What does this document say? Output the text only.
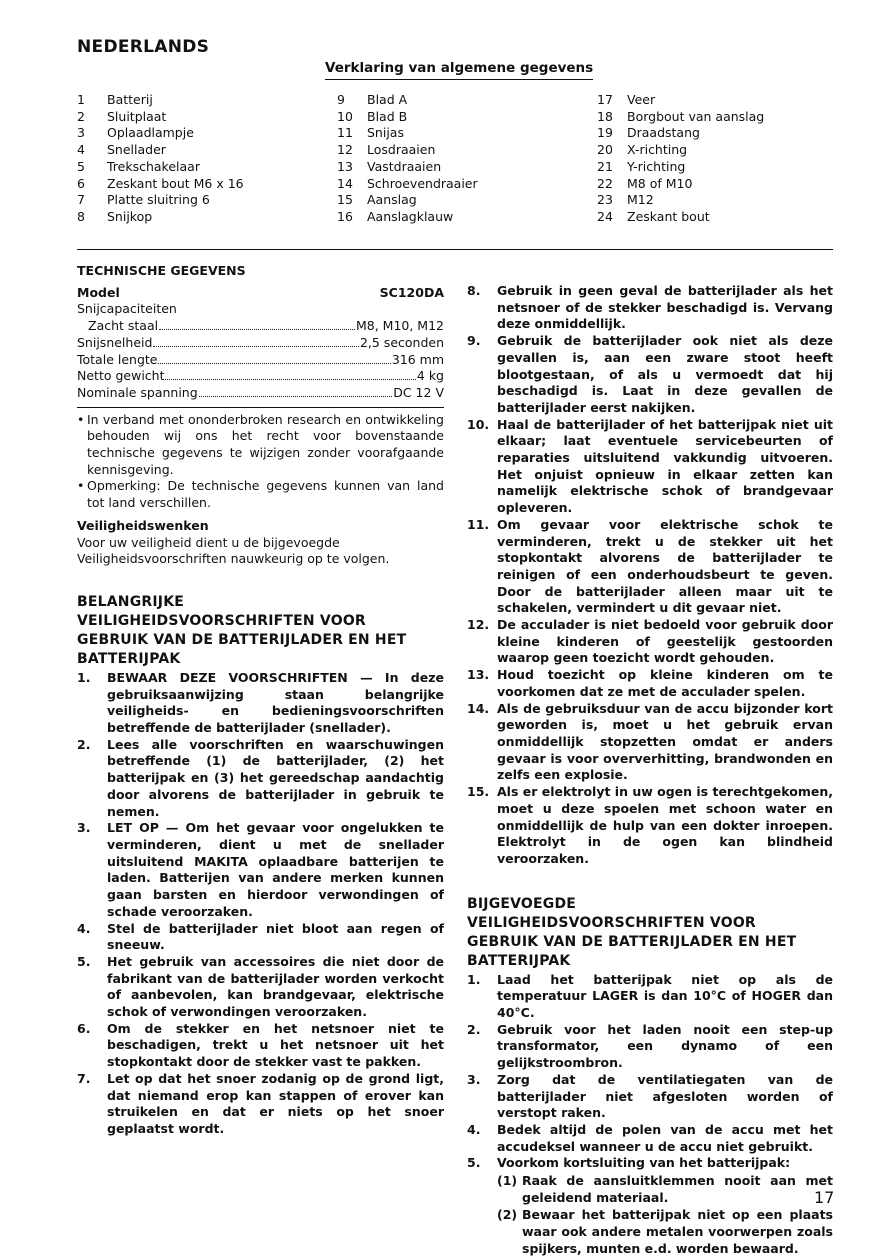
NEDERLANDS
Verklaring van algemene gegevens
1	Batterij
2	Sluitplaat
3	Oplaadlampje
4	Snellader
5	Trekschakelaar
6	Zeskant bout M6 x 16
7	Platte sluitring 6
8	Snijkop
9	Blad A
10	Blad B
11	Snijas
12	Losdraaien
13	Vastdraaien
14	Schroevendraaier
15	Aanslag
16	Aanslagklauw
17	Veer
18	Borgbout van aanslag
19	Draadstang
20	X-richting
21	Y-richting
22	M8 of M10
23	M12
24	Zeskant bout
TECHNISCHE GEGEVENS
Model	SC120DA
Snijcapaciteiten
Zacht staal	M8, M10, M12
Snijsnelheid	2,5 seconden
Totale lengte	316 mm
Netto gewicht	4 kg
Nominale spanning	DC 12 V
• In verband met ononderbroken research en ontwikkeling behouden wij ons het recht voor bovenstaande technische gegevens te wijzigen zonder voorafgaande kennisgeving.
• Opmerking: De technische gegevens kunnen van land tot land verschillen.
Veiligheidswenken
Voor uw veiligheid dient u de bijgevoegde Veiligheidsvoorschriften nauwkeurig op te volgen.
BELANGRIJKE
VEILIGHEIDSVOORSCHRIFTEN VOOR
GEBRUIK VAN DE BATTERIJLADER EN HET
BATTERIJPAK
1.	BEWAAR DEZE VOORSCHRIFTEN — In deze gebruiksaanwijzing staan belangrijke veiligheids- en bedieningsvoorschriften betreffende de batterijlader (snellader).
2.	Lees alle voorschriften en waarschuwingen betreffende (1) de batterijlader, (2) het batterijpak en (3) het gereedschap aandachtig door alvorens de batterijlader in gebruik te nemen.
3.	LET OP — Om het gevaar voor ongelukken te verminderen, dient u met de snellader uitsluitend MAKITA oplaadbare batterijen te laden. Batterijen van andere merken kunnen gaan barsten en hierdoor verwondingen of schade veroorzaken.
4.	Stel de batterijlader niet bloot aan regen of sneeuw.
5.	Het gebruik van accessoires die niet door de fabrikant van de batterijlader worden verkocht of aanbevolen, kan brandgevaar, elektrische schok of verwondingen veroorzaken.
6.	Om de stekker en het netsnoer niet te beschadigen, trekt u het netsnoer uit het stopkontakt door de stekker vast te pakken.
7.	Let op dat het snoer zodanig op de grond ligt, dat niemand erop kan stappen of erover kan struikelen en dat er niets op het snoer geplaatst wordt.
8.	Gebruik in geen geval de batterijlader als het netsnoer of de stekker beschadigd is. Vervang deze onmiddellijk.
9.	Gebruik de batterijlader ook niet als deze gevallen is, aan een zware stoot heeft blootgestaan, of als u vermoedt dat hij beschadigd is. Laat in deze gevallen de batterijlader eerst nakijken.
10. Haal de batterijlader of het batterijpak niet uit elkaar; laat eventuele servicebeurten of reparaties uitsluitend vakkundig uitvoeren. Het onjuist opnieuw in elkaar zetten kan namelijk elektrische schok of brandgevaar opleveren.
11. Om gevaar voor elektrische schok te verminderen, trekt u de stekker uit het stopkontakt alvorens de batterijlader te reinigen of een onderhoudsbeurt te geven. Door de batterijlader alleen maar uit te schakelen, vermindert u dit gevaar niet.
12. De acculader is niet bedoeld voor gebruik door kleine kinderen of geestelijk gestoorden waarop geen toezicht wordt gehouden.
13. Houd toezicht op kleine kinderen om te voorkomen dat ze met de acculader spelen.
14. Als de gebruiksduur van de accu bijzonder kort geworden is, moet u het gebruik ervan onmiddellijk stopzetten omdat er anders gevaar is voor oververhitting, brandwonden en zelfs een explosie.
15. Als er elektrolyt in uw ogen is terechtgekomen, moet u deze spoelen met schoon water en onmiddellijk de hulp van een dokter inroepen. Elektrolyt in de ogen kan blindheid veroorzaken.
BIJGEVOEGDE
VEILIGHEIDSVOORSCHRIFTEN VOOR
GEBRUIK VAN DE BATTERIJLADER EN HET
BATTERIJPAK
1.	Laad het batterijpak niet op als de temperatuur LAGER is dan 10°C of HOGER dan 40°C.
2.	Gebruik voor het laden nooit een step-up transformator, een dynamo of een gelijkstroombron.
3.	Zorg dat de ventilatiegaten van de batterijlader niet afgesloten worden of verstopt raken.
4.	Bedek altijd de polen van de accu met het accudeksel wanneer u de accu niet gebruikt.
5.	Voorkom kortsluiting van het batterijpak:
(1) Raak de aansluitklemmen nooit aan met geleidend materiaal.
(2) Bewaar het batterijpak niet op een plaats waar ook andere metalen voorwerpen zoals spijkers, munten e.d. worden bewaard.
17
